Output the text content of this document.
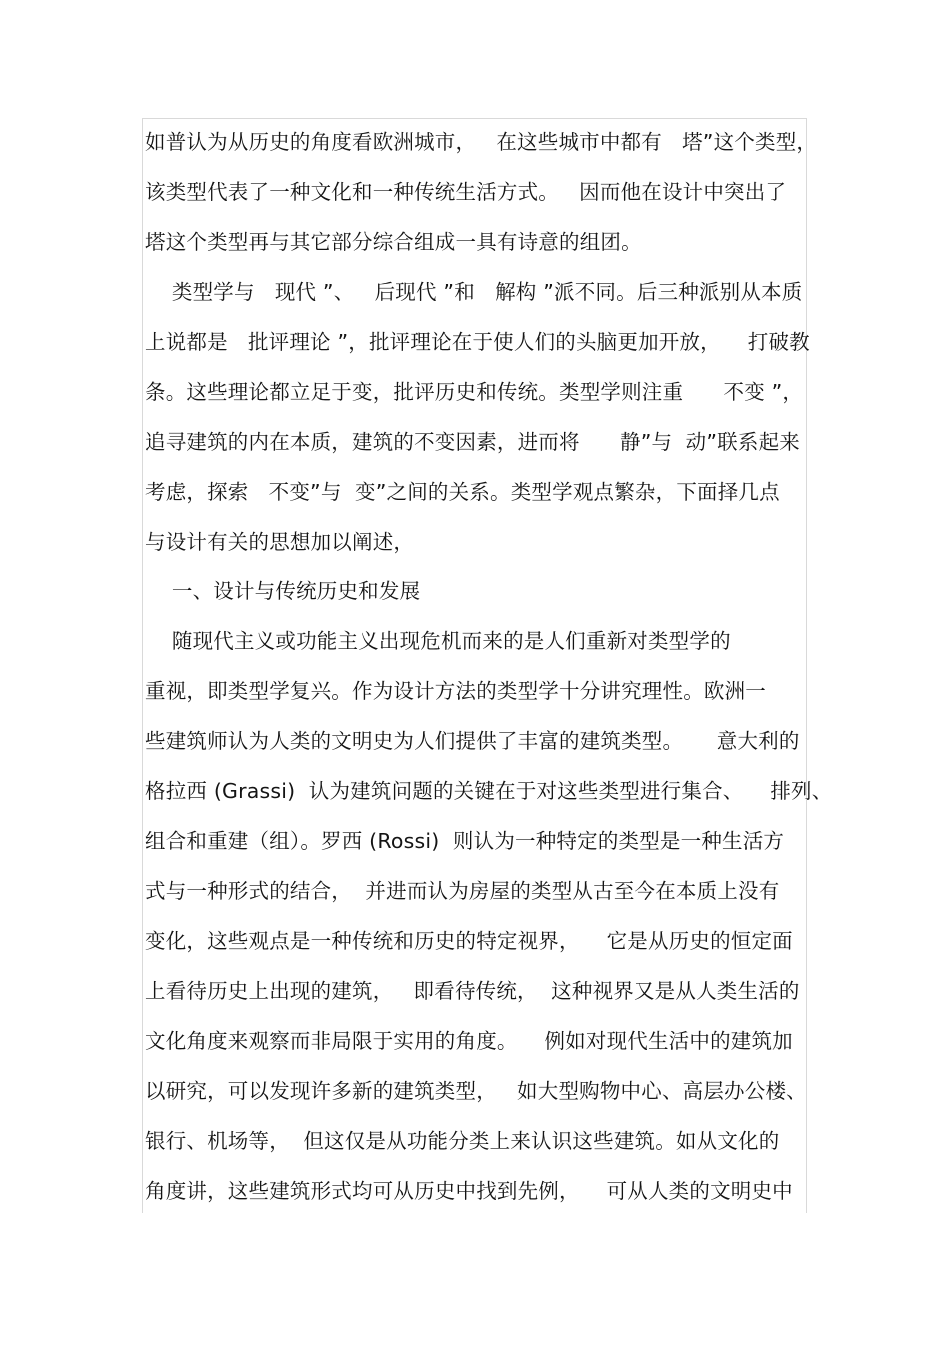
如普认为从历史的角度看欧洲城市，   在这些城市中都有   塔”这个类型，
该类型代表了一种文化和一种传统生活方式。   因而他在设计中突出了
塔这个类型再与其它部分综合组成一具有诗意的组团。
类型学与   现代 ”、   后现代 ”和   解构 ”派不同。后三种派别从本质
上说都是   批评理论 ”，批评理论在于使人们的头脑更加开放，    打破教
条。这些理论都立足于变，批评历史和传统。类型学则注重      不变 ”，
追寻建筑的内在本质，建筑的不变因素，进而将      静”与  动”联系起来
考虑，探索   不变”与  变”之间的关系。类型学观点繁杂，下面择几点
与设计有关的思想加以阐述，
一、设计与传统历史和发展
随现代主义或功能主义出现危机而来的是人们重新对类型学的
重视，即类型学复兴。作为设计方法的类型学十分讲究理性。欧洲一
些建筑师认为人类的文明史为人们提供了丰富的建筑类型。     意大利的
格拉西 (Grassi)  认为建筑问题的关键在于对这些类型进行集合、    排列、
组合和重建（组）。罗西 (Rossi)  则认为一种特定的类型是一种生活方
式与一种形式的结合，  并进而认为房屋的类型从古至今在本质上没有
变化，这些观点是一种传统和历史的特定视界，    它是从历史的恒定面
上看待历史上出现的建筑，   即看待传统，  这种视界又是从人类生活的
文化角度来观察而非局限于实用的角度。    例如对现代生活中的建筑加
以研究，可以发现许多新的建筑类型，   如大型购物中心、高层办公楼、
银行、机场等，  但这仅是从功能分类上来认识这些建筑。如从文化的
角度讲，这些建筑形式均可从历史中找到先例，    可从人类的文明史中
